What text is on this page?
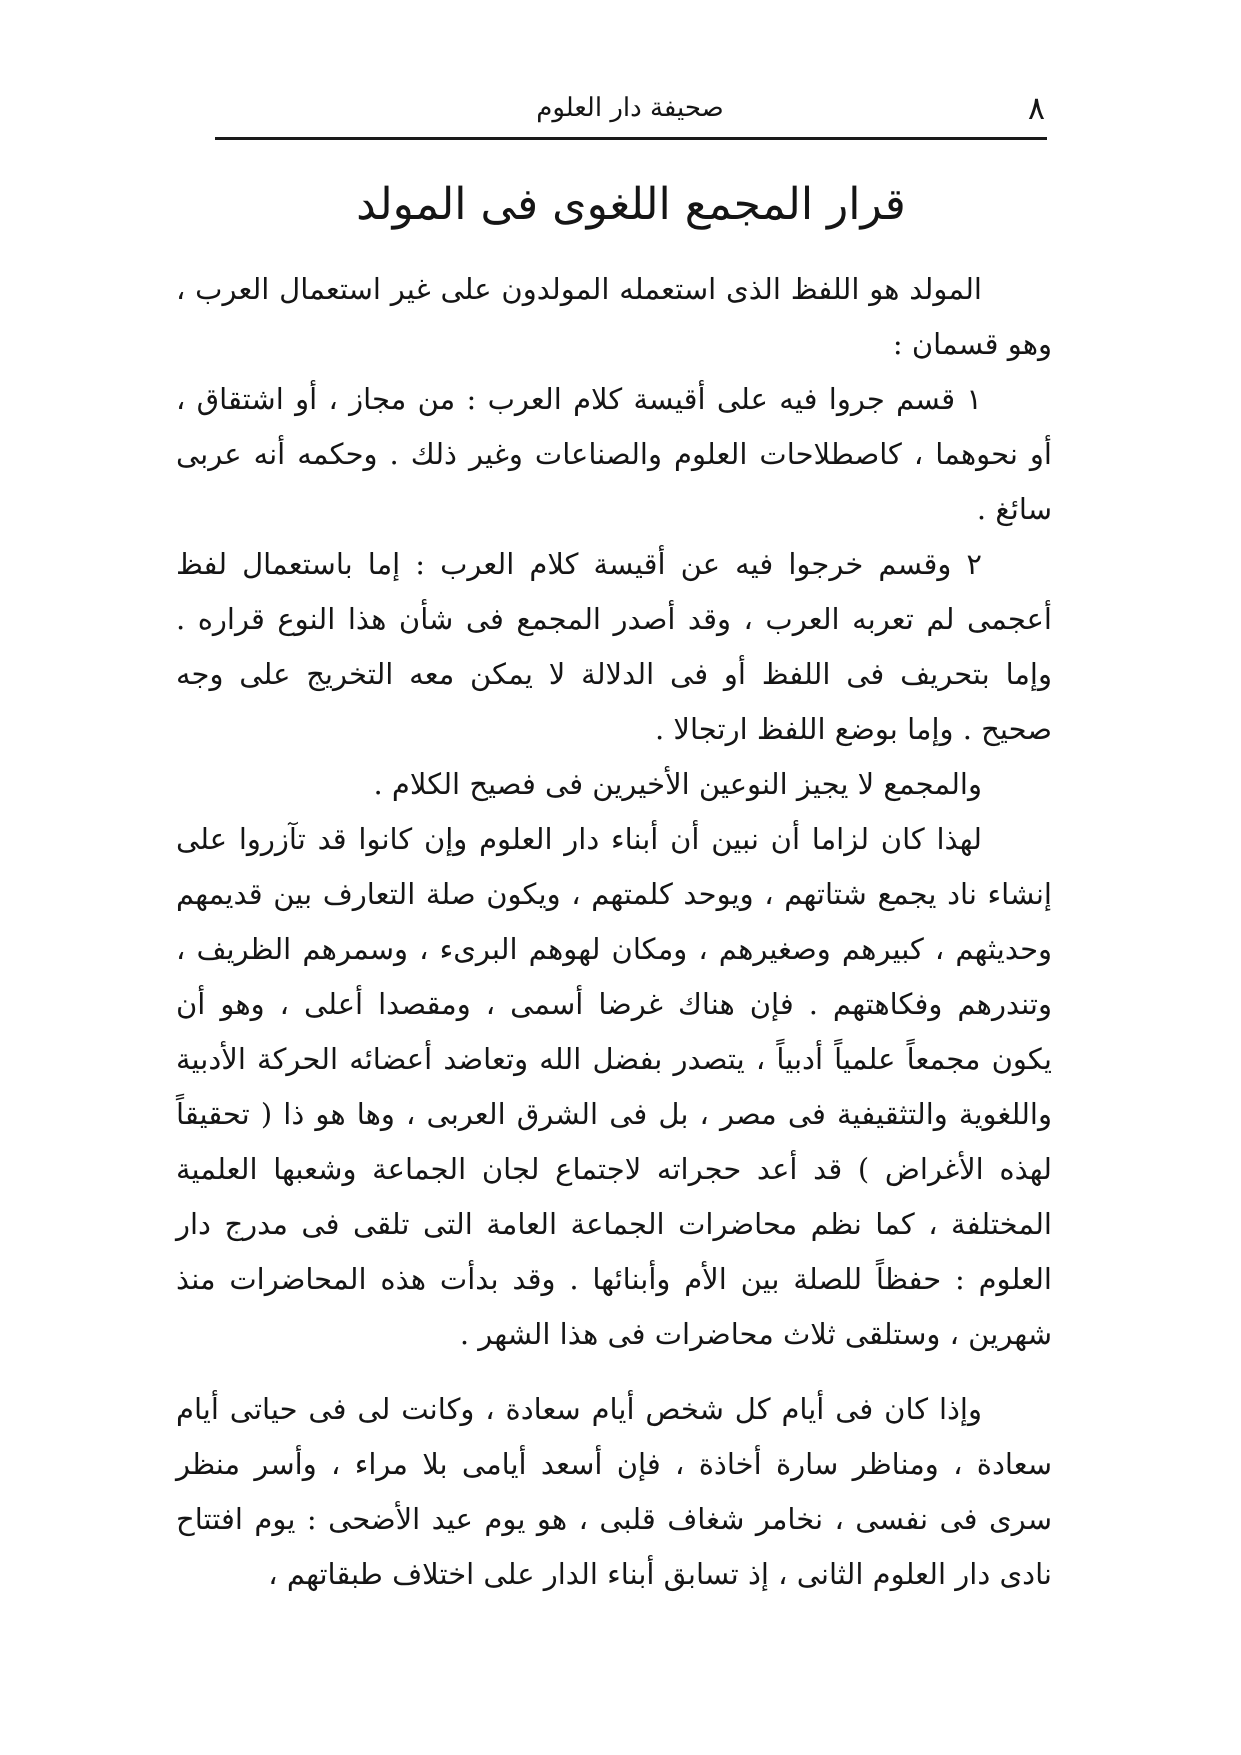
٨
صحيفة دار العلوم
قرار المجمع اللغوى فى المولد

المولد هو اللفظ الذى استعمله المولدون على غير استعمال العرب ، وهو قسمان :

١ قسم جروا فيه على أقيسة كلام العرب : من مجاز ، أو اشتقاق ، أو نحوهما ، كاصطلاحات العلوم والصناعات وغير ذلك . وحكمه أنه عربى سائغ .

٢ وقسم خرجوا فيه عن أقيسة كلام العرب : إما باستعمال لفظ أعجمى لم تعربه العرب ، وقد أصدر المجمع فى شأن هذا النوع قراره . وإما بتحريف فى اللفظ أو فى الدلالة لا يمكن معه التخريج على وجه صحيح . وإما بوضع اللفظ ارتجالا .

والمجمع لا يجيز النوعين الأخيرين فى فصيح الكلام .

لهذا كان لزاما أن نبين أن أبناء دار العلوم وإن كانوا قد تآزروا على إنشاء ناد يجمع شتاتهم ، ويوحد كلمتهم ، ويكون صلة التعارف بين قديمهم وحديثهم ، كبيرهم وصغيرهم ، ومكان لهوهم البرىء ، وسمرهم الظريف ، وتندرهم وفكاهتهم . فإن هناك غرضا أسمى ، ومقصدا أعلى ، وهو أن يكون مجمعاً علمياً أدبياً ، يتصدر بفضل الله وتعاضد أعضائه الحركة الأدبية واللغوية والتثقيفية فى مصر ، بل فى الشرق العربى ، وها هو ذا ( تحقيقاً لهذه الأغراض ) قد أعد حجراته لاجتماع لجان الجماعة وشعبها العلمية المختلفة ، كما نظم محاضرات الجماعة العامة التى تلقى فى مدرج دار العلوم : حفظاً للصلة بين الأم وأبنائها . وقد بدأت هذه المحاضرات منذ شهرين ، وستلقى ثلاث محاضرات فى هذا الشهر .

وإذا كان فى أيام كل شخص أيام سعادة ، وكانت لى فى حياتى أيام سعادة ، ومناظر سارة أخاذة ، فإن أسعد أيامى بلا مراء ، وأسر منظر سرى فى نفسى ، نخامر شغاف قلبى ، هو يوم عيد الأضحى : يوم افتتاح نادى دار العلوم الثانى ، إذ تسابق أبناء الدار على اختلاف طبقاتهم ،
